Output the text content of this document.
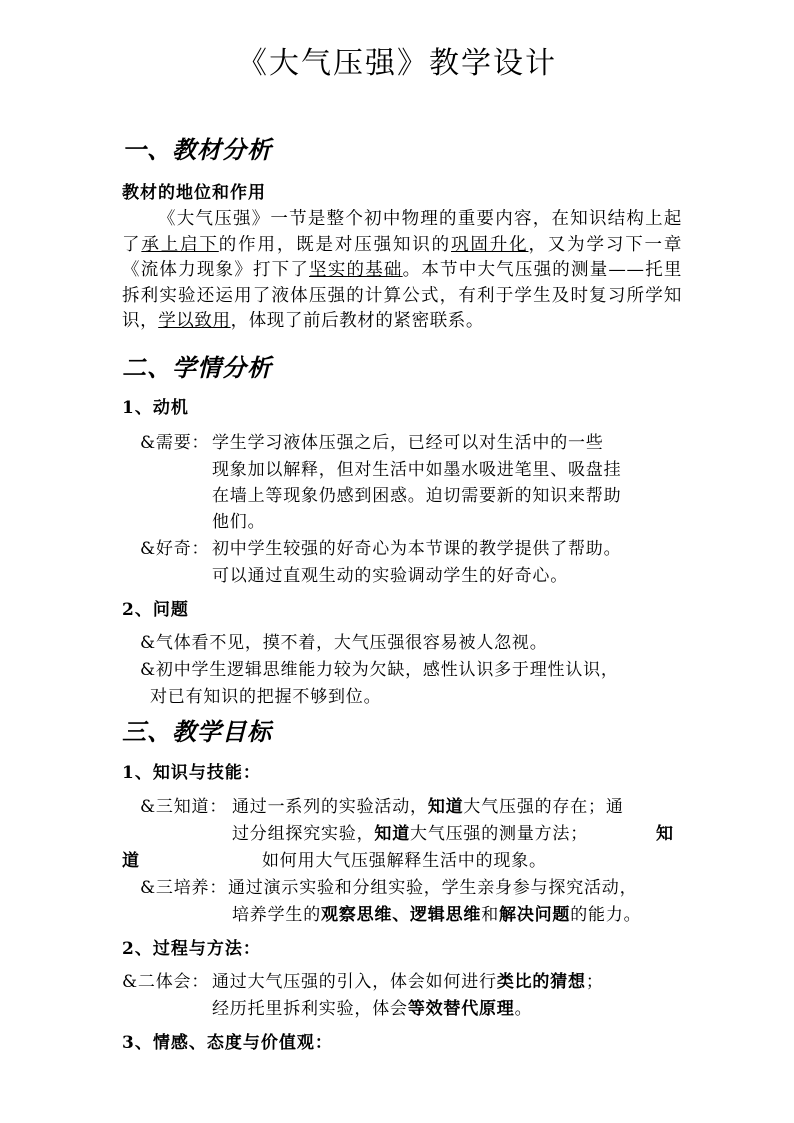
《大气压强》教学设计
一、教材分析
教材的地位和作用
《大气压强》一节是整个初中物理的重要内容，在知识结构上起了承上启下的作用，既是对压强知识的巩固升化，又为学习下一章《流体力现象》打下了坚实的基础。本节中大气压强的测量——托里拆利实验还运用了液体压强的计算公式，有利于学生及时复习所学知识，学以致用，体现了前后教材的紧密联系。
二、学情分析
1、动机
&需要： 学生学习液体压强之后，已经可以对生活中的一些
现象加以解释，但对生活中如墨水吸进笔里、吸盘挂
在墙上等现象仍感到困惑。迫切需要新的知识来帮助
他们。
&好奇： 初中学生较强的好奇心为本节课的教学提供了帮助。
可以通过直观生动的实验调动学生的好奇心。
2、问题
&气体看不见，摸不着，大气压强很容易被人忽视。
&初中学生逻辑思维能力较为欠缺，感性认识多于理性认识，
对已有知识的把握不够到位。
三、教学目标
1、知识与技能：
&三知道： 通过一系列的实验活动，知道大气压强的存在；通
过分组探究实验，知道大气压强的测量方法；	知
道	如何用大气压强解释生活中的现象。
&三培养： 通过演示实验和分组实验，学生亲身参与探究活动，
培养学生的观察思维、逻辑思维和解决问题的能力。
2、过程与方法：
&二体会： 通过大气压强的引入，体会如何进行类比的猜想；
经历托里拆利实验，体会等效替代原理。
3、情感、态度与价值观：
